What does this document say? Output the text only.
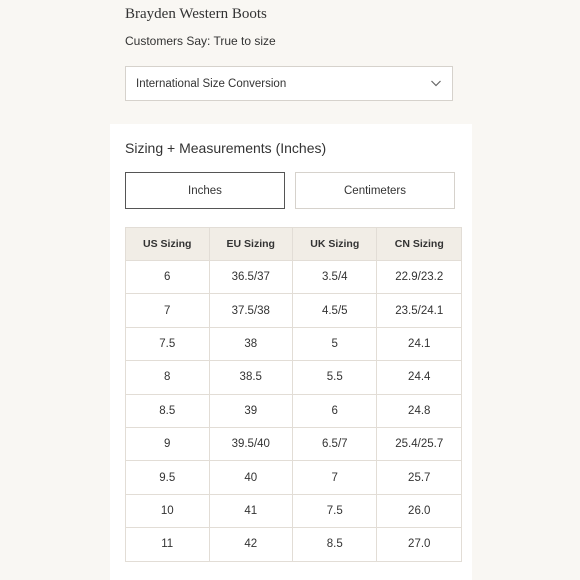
Brayden Western Boots
Customers Say: True to size
International Size Conversion
Sizing + Measurements (Inches)
Inches	Centimeters
US Sizing	EU Sizing	UK Sizing	CN Sizing
6	36.5/37	3.5/4	22.9/23.2
7	37.5/38	4.5/5	23.5/24.1
7.5	38	5	24.1
8	38.5	5.5	24.4
8.5	39	6	24.8
9	39.5/40	6.5/7	25.4/25.7
9.5	40	7	25.7
10	41	7.5	26.0
11	42	8.5	27.0
